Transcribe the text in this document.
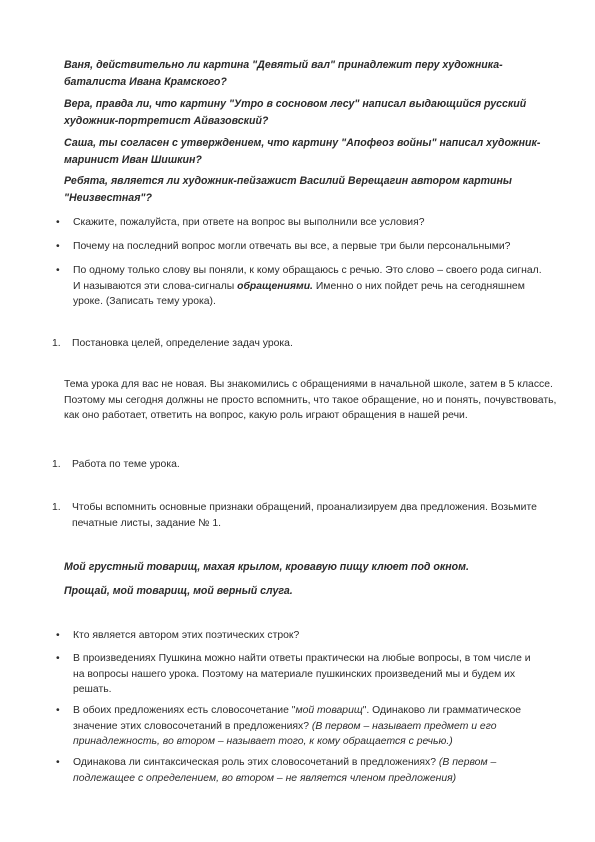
Ваня, действительно ли картина "Девятый вал" принадлежит перу художника-баталиста Ивана Крамского?

Вера, правда ли, что картину "Утро в сосновом лесу" написал выдающийся русский художник-портретист Айвазовский?

Саша, ты согласен с утверждением, что картину "Апофеоз войны" написал художник-маринист Иван Шишкин?

Ребята, является ли художник-пейзажист Василий Верещагин автором картины "Неизвестная"?

•	Скажите, пожалуйста, при ответе на вопрос вы выполнили все условия?
•	Почему на последний вопрос могли отвечать вы все, а первые три были персональными?
•	По одному только слову вы поняли, к кому обращаюсь с речью. Это слово – своего рода сигнал. И называются эти слова-сигналы обращениями. Именно о них пойдет речь на сегодняшнем уроке. (Записать тему урока).
1. Постановка целей, определение задач урока.

Тема урока для вас не новая. Вы знакомились с обращениями в начальной школе, затем в 5 классе. Поэтому мы сегодня должны не просто вспомнить, что такое обращение, но и понять, почувствовать, как оно работает, ответить на вопрос, какую роль играют обращения в нашей речи.

1. Работа по теме урока.
1. Чтобы вспомнить основные признаки обращений, проанализируем два предложения. Возьмите печатные листы, задание № 1.

Мой грустный товарищ, махая крылом, кровавую пищу клюет под окном.

Прощай, мой товарищ, мой верный слуга.

•	Кто является автором этих поэтических строк?
•	В произведениях Пушкина можно найти ответы практически на любые вопросы, в том числе и на вопросы нашего урока. Поэтому на материале пушкинских произведений мы и будем их решать.
•	В обоих предложениях есть словосочетание "мой товарищ". Одинаково ли грамматическое значение этих словосочетаний в предложениях? (В первом – называет предмет и его принадлежность, во втором – называет того, к кому обращается с речью.)
•	Одинакова ли синтаксическая роль этих словосочетаний в предложениях? (В первом – подлежащее с определением, во втором – не является членом предложения)
